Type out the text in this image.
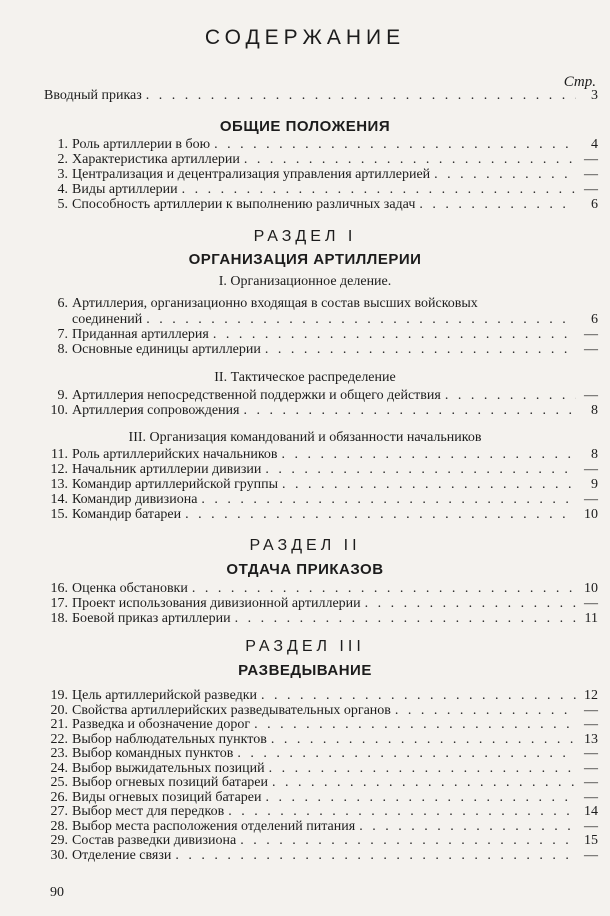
СОДЕРЖАНИЕ
Стр.
Вводный приказ . . .	3
ОБЩИЕ ПОЛОЖЕНИЯ
1. Роль артиллерии в бою . . .	4
2. Характеристика артиллерии . . .	—
3. Централизация и децентрализация управления артиллерией . . .	—
4. Виды артиллерии . . .	—
5. Способность артиллерии к выполнению различных задач . . .	6
РАЗДЕЛ I
ОРГАНИЗАЦИЯ АРТИЛЛЕРИИ
I. Организационное деление.
6. Артиллерия, организационно входящая в состав высших войсковых
соединений . . .	6
7. Приданная артиллерия . . .	—
8. Основные единицы артиллерии . . .	—
II. Тактическое распределение
9. Артиллерия непосредственной поддержки и общего действия . . .	—
10. Артиллерия сопровождения . . .	8
III. Организация командований и обязанности начальников
11. Роль артиллерийских начальников . . .	8
12. Начальник артиллерии дивизии . . .	—
13. Командир артиллерийской группы . . .	9
14. Командир дивизиона . . .	—
15. Командир батареи . . .	10
РАЗДЕЛ II
ОТДАЧА ПРИКАЗОВ
16. Оценка обстановки . . .	10
17. Проект использования дивизионной артиллерии . . .	—
18. Боевой приказ артиллерии . . .	11
РАЗДЕЛ III
РАЗВЕДЫВАНИЕ
19. Цель артиллерийской разведки . . .	12
20. Свойства артиллерийских разведывательных органов . . .	—
21. Разведка и обозначение дорог . . .	—
22. Выбор наблюдательных пунктов . . .	13
23. Выбор командных пунктов . . .	—
24. Выбор выжидательных позиций . . .	—
25. Выбор огневых позиций батареи . . .	—
26. Виды огневых позиций батареи . . .	—
27. Выбор мест для передков . . .	14
28. Выбор места расположения отделений питания . . .	—
29. Состав разведки дивизиона . . .	15
30. Отделение связи . . .	—
90
